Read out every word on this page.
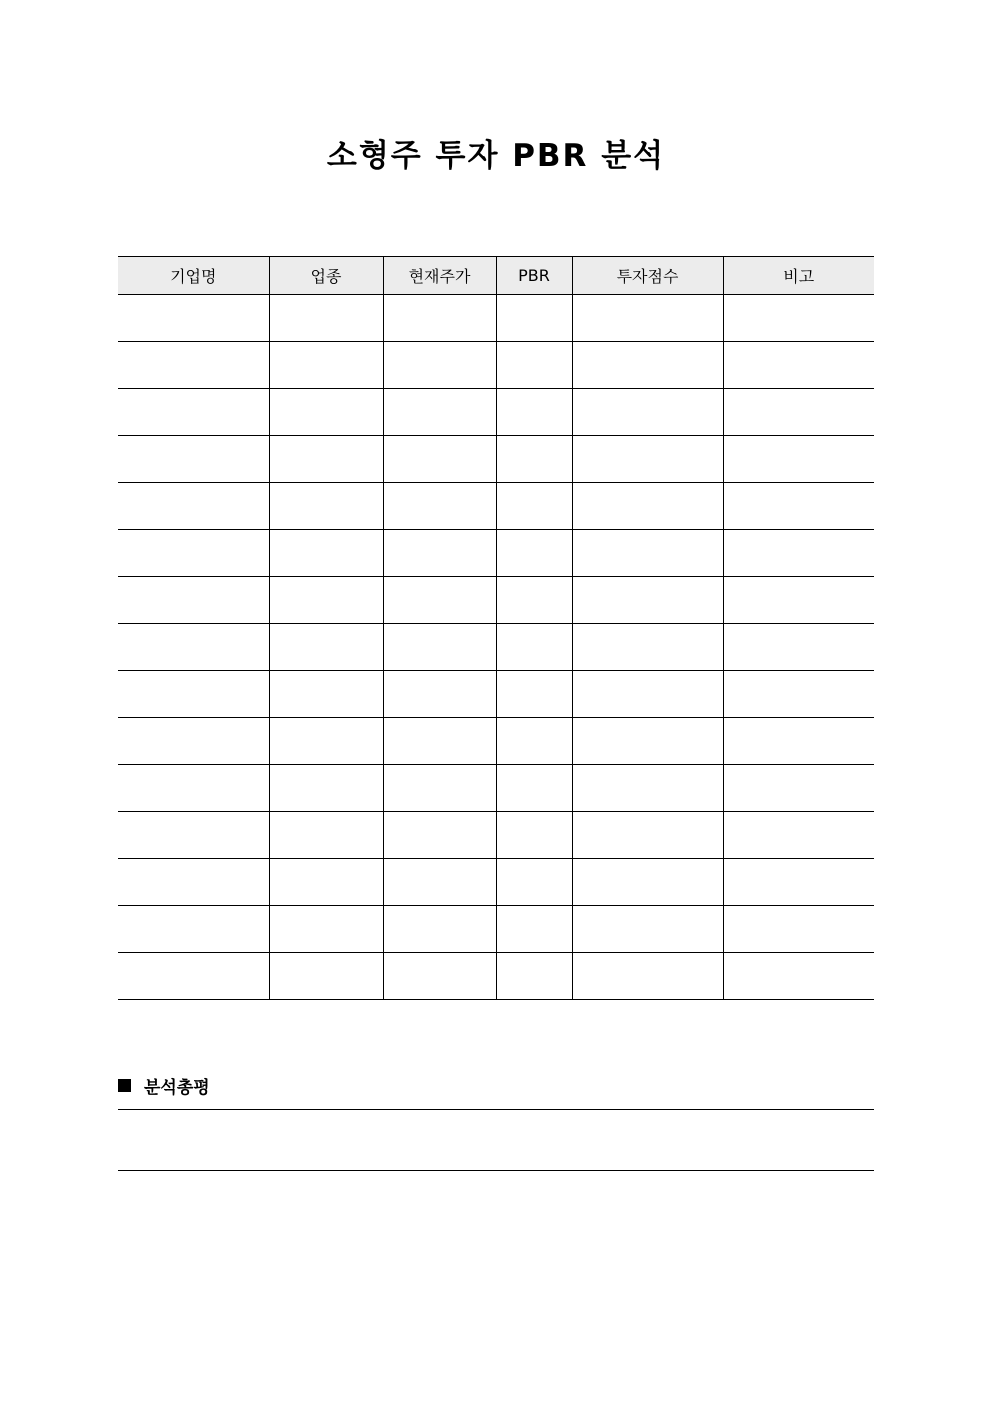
소형주 투자 PBR 분석
기업명	업종	현재주가	PBR	투자점수	비고

분석총평
